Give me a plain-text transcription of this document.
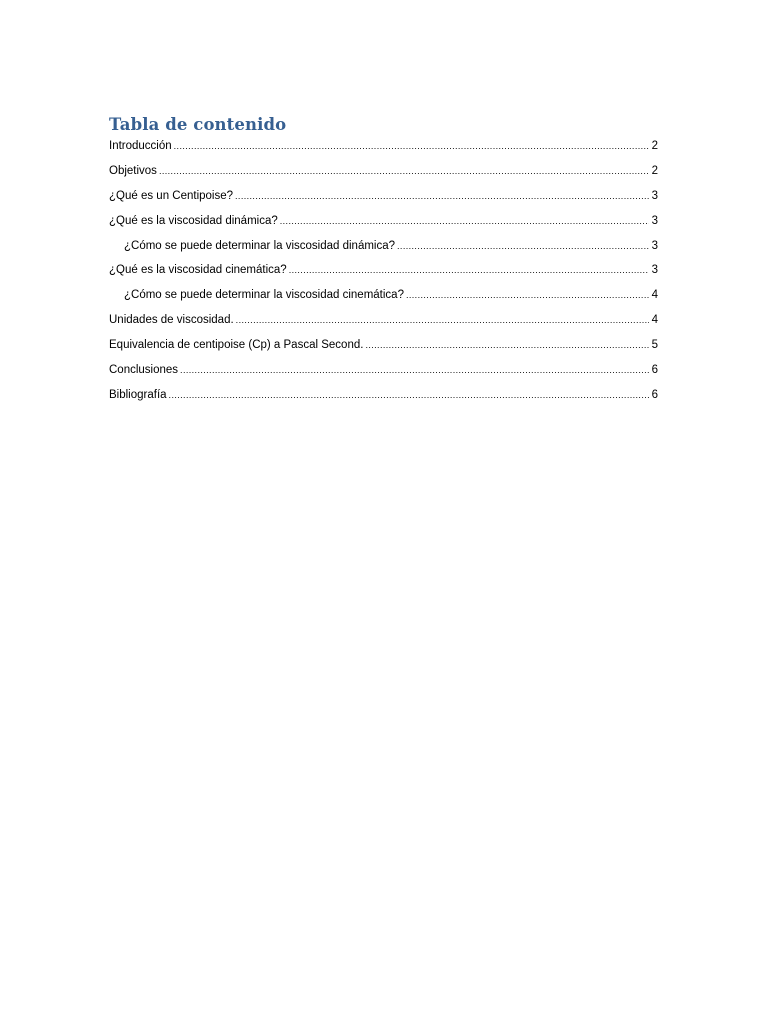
Tabla de contenido
Introducción .....	2
Objetivos .....	2
¿Qué es un Centipoise? .....	3
¿Qué es la viscosidad dinámica? .....	3
¿Cómo se puede determinar la viscosidad dinámica? .....	3
¿Qué es la viscosidad cinemática? .....	3
¿Cómo se puede determinar la viscosidad cinemática? .....	4
Unidades de viscosidad. .....	4
Equivalencia de centipoise (Cp) a Pascal Second. .....	5
Conclusiones .....	6
Bibliografía .....	6
